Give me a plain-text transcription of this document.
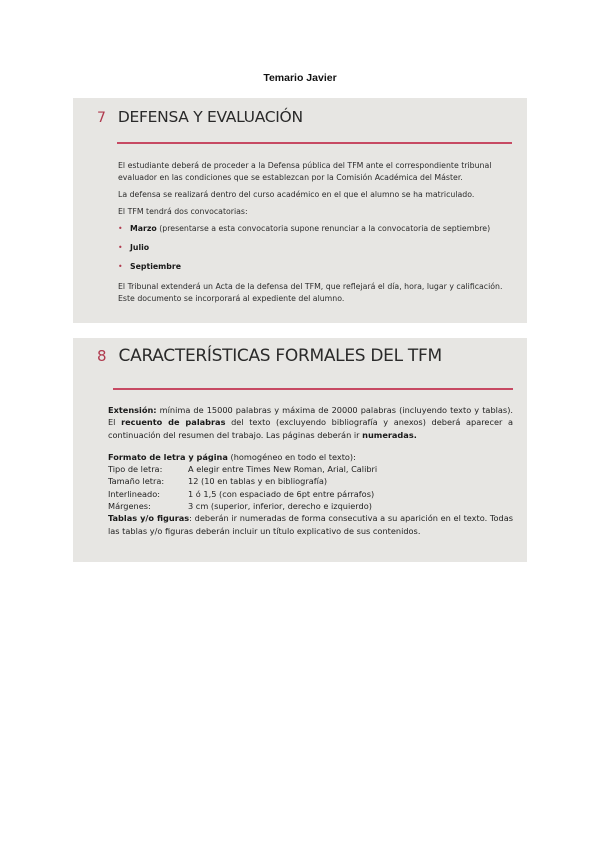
Temario Javier
7 DEFENSA Y EVALUACIÓN

El estudiante deberá de proceder a la Defensa pública del TFM ante el correspondiente tribunal evaluador en las condiciones que se establezcan por la Comisión Académica del Máster.

La defensa se realizará dentro del curso académico en el que el alumno se ha matriculado.

El TFM tendrá dos convocatorias:

• Marzo (presentarse a esta convocatoria supone renunciar a la convocatoria de septiembre)
• Julio
• Septiembre

El Tribunal extenderá un Acta de la defensa del TFM, que reflejará el día, hora, lugar y calificación. Este documento se incorporará al expediente del alumno.

8 CARACTERÍSTICAS FORMALES DEL TFM

Extensión: mínima de 15000 palabras y máxima de 20000 palabras (incluyendo texto y tablas). El recuento de palabras del texto (excluyendo bibliografía y anexos) deberá aparecer a continuación del resumen del trabajo. Las páginas deberán ir numeradas.

Formato de letra y página (homogéneo en todo el texto):
Tipo de letra:	A elegir entre Times New Roman, Arial, Calibri
Tamaño letra:	12 (10 en tablas y en bibliografía)
Interlineado:	1 ó 1,5 (con espaciado de 6pt entre párrafos)
Márgenes:	3 cm (superior, inferior, derecho e izquierdo)

Tablas y/o figuras: deberán ir numeradas de forma consecutiva a su aparición en el texto. Todas las tablas y/o figuras deberán incluir un título explicativo de sus contenidos.
